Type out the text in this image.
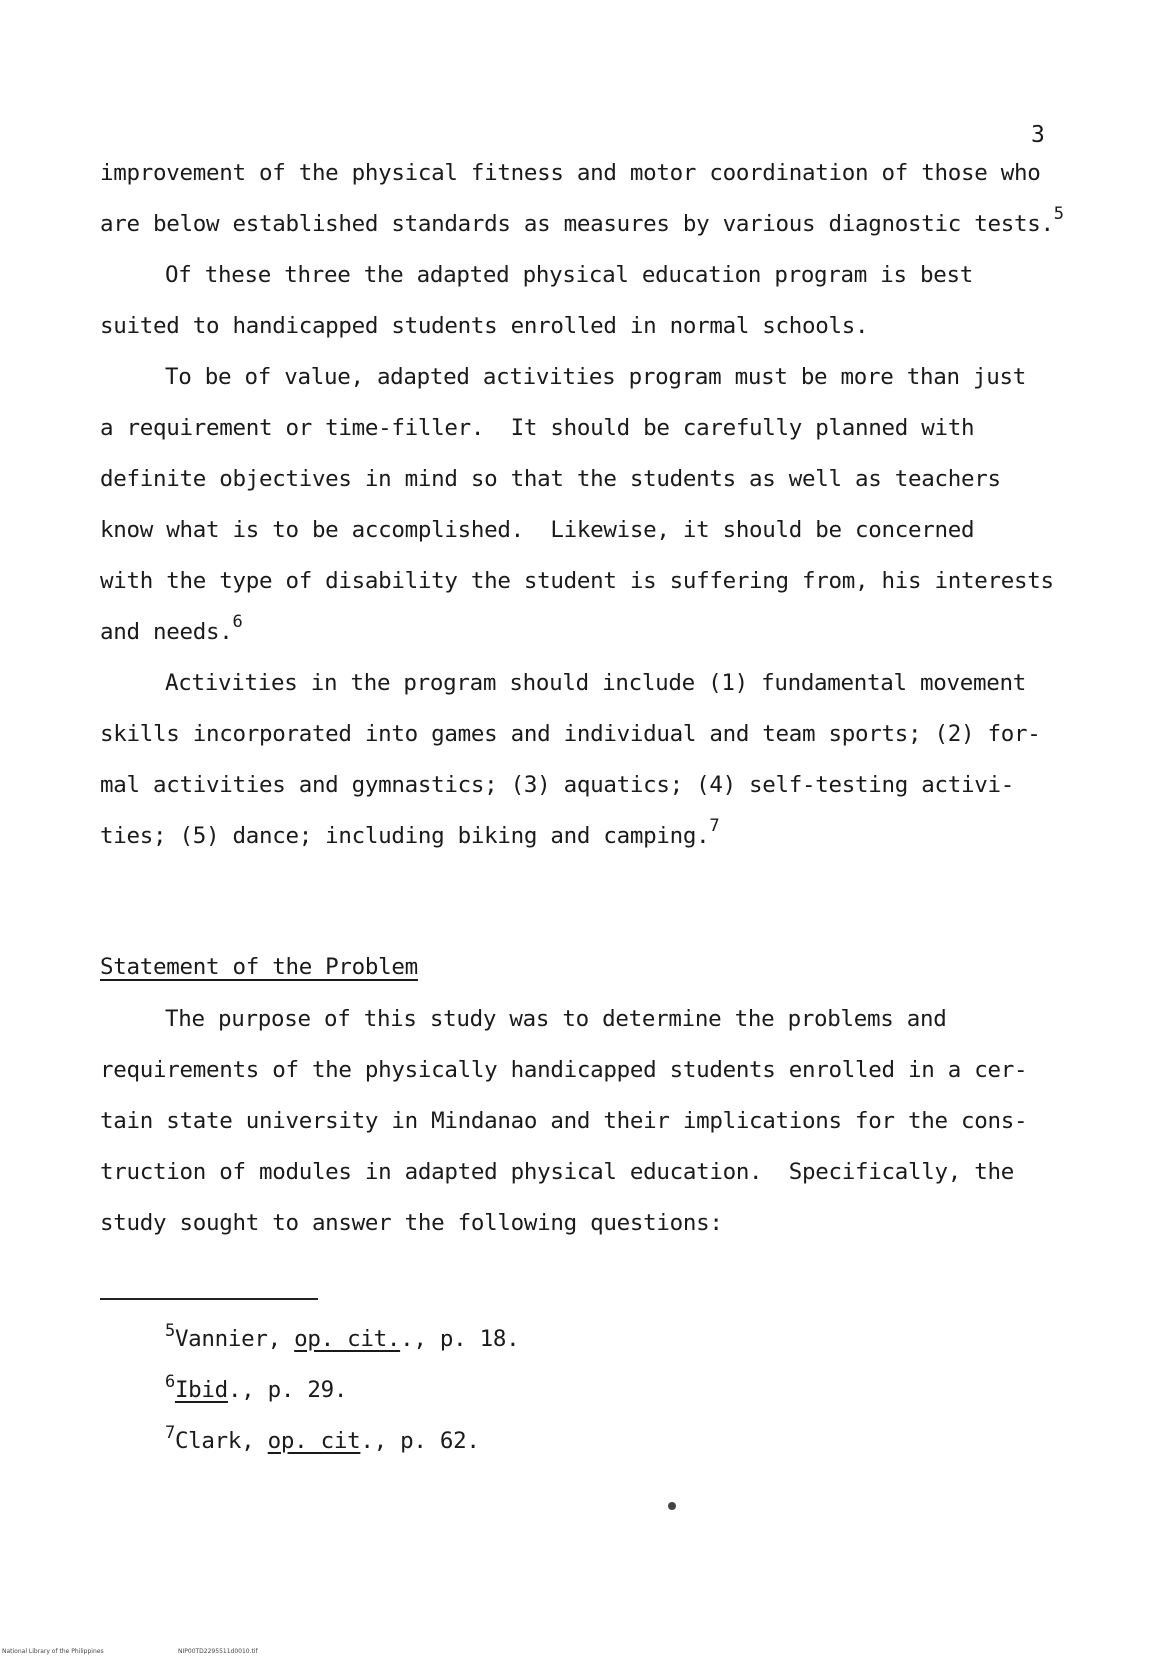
3
improvement of the physical fitness and motor coordination of those who
are below established standards as measures by various diagnostic tests.$^5$
Of these three the adapted physical education program is best
suited to handicapped students enrolled in normal schools.
To be of value, adapted activities program must be more than just
a requirement or time-filler.  It should be carefully planned with
definite objectives in mind so that the students as well as teachers
know what is to be accomplished.  Likewise, it should be concerned
with the type of disability the student is suffering from, his interests
and needs.$^6$
Activities in the program should include (1) fundamental movement
skills incorporated into games and individual and team sports; (2) for-
mal activities and gymnastics; (3) aquatics; (4) self-testing activi-
ties; (5) dance; including biking and camping.$^7$
Statement of the Problem
The purpose of this study was to determine the problems and
requirements of the physically handicapped students enrolled in a cer-
tain state university in Mindanao and their implications for the cons-
truction of modules in adapted physical education.  Specifically, the
study sought to answer the following questions:
$^5$Vannier, op. cit.., p. 18.
$^6$Ibid., p. 29.
$^7$Clark, op. cit., p. 62.

National Library of the Philippines

	NIP00TD2295511d0010.tif
